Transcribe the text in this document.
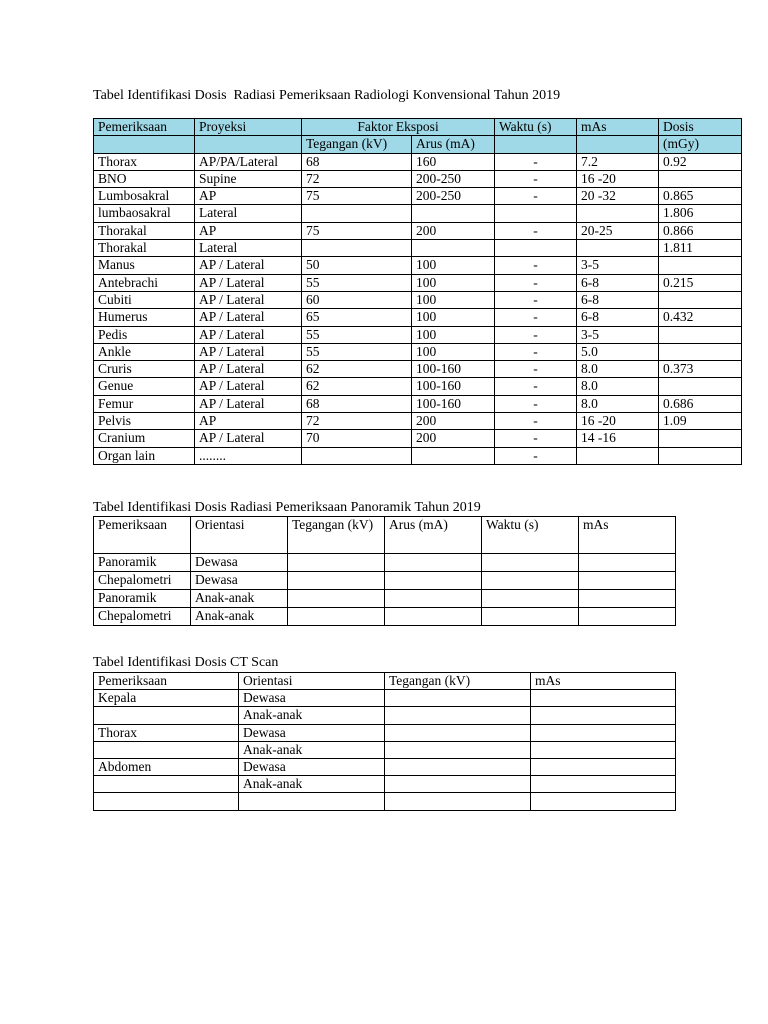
Tabel Identifikasi Dosis  Radiasi Pemeriksaan Radiologi Konvensional Tahun 2019
Pemeriksaan	Proyeksi	Faktor Eksposi		Waktu (s)	mAs	Dosis
		Tegangan (kV)	Arus (mA)			(mGy)
Thorax	AP/PA/Lateral	68	160	-	7.2	0.92
BNO	Supine	72	200-250	-	16 -20	
Lumbosakral	AP	75	200-250	-	20 -32	0.865
lumbaosakral	Lateral					1.806
Thorakal	AP	75	200	-	20-25	0.866
Thorakal	Lateral					1.811
Manus	AP / Lateral	50	100	-	3-5	
Antebrachi	AP / Lateral	55	100	-	6-8	0.215
Cubiti	AP / Lateral	60	100	-	6-8	
Humerus	AP / Lateral	65	100	-	6-8	0.432
Pedis	AP / Lateral	55	100	-	3-5	
Ankle	AP / Lateral	55	100	-	5.0	
Cruris	AP / Lateral	62	100-160	-	8.0	0.373
Genue	AP / Lateral	62	100-160	-	8.0	
Femur	AP / Lateral	68	100-160	-	8.0	0.686
Pelvis	AP	72	200	-	16 -20	1.09
Cranium	AP / Lateral	70	200	-	14 -16	
Organ lain	........			-		
Tabel Identifikasi Dosis Radiasi Pemeriksaan Panoramik Tahun 2019
Pemeriksaan	Orientasi	Tegangan (kV)	Arus (mA)	Waktu (s)	mAs
Panoramik	Dewasa				
Chepalometri	Dewasa				
Panoramik	Anak-anak				
Chepalometri	Anak-anak				
Tabel Identifikasi Dosis CT Scan
Pemeriksaan	Orientasi	Tegangan (kV)	mAs
Kepala	Dewasa		
	Anak-anak		
Thorax	Dewasa		
	Anak-anak		
Abdomen	Dewasa		
	Anak-anak		
